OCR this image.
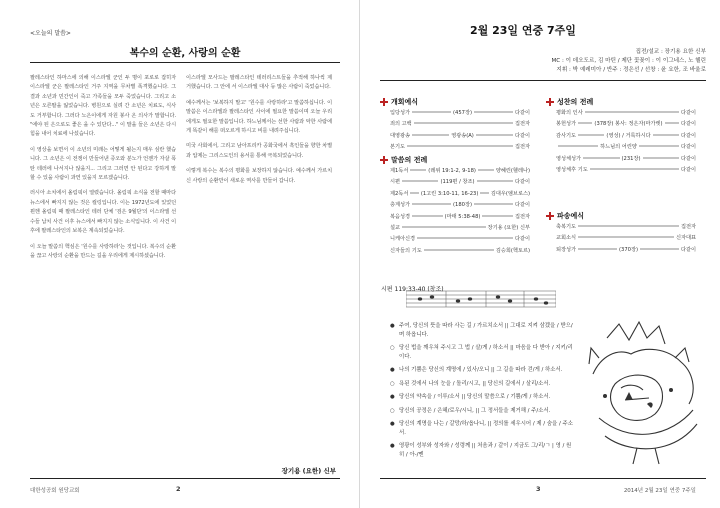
<오늘의 말씀>
복수의 순환, 사랑의 순환

팔레스타인 하마스에 의해 이스라엘 군인 두 명이 포로로 잡히자 이스라엘 군은 팔레스타인 거주 지역을 무차별 폭격했습니다. 그 결과 소년과 민간인이 죽고 가족들을 모두 죽었습니다. 그리고 소년은 오른팔을 잃었습니다. 병원으로 실려 간 소년은 치료도, 식사도 거부합니다. 그러다 노은이에게 자원 봉사 온 의사가 말합니다. "에야 된 은으로도 좋은 을 수 있단다..." 이 말을 들은 소년은 다시 힘을 내어 치료에 나섰습니다.

이 영상을 보면서 이 소년의 미래는 어떻게 될는지 매우 심란 했습니다. 그 소년은 이 전쟁이 만들어낸 증오와 분노가 언젠가 자살 폭탄 테러에 나서지나 않을지... 그리고 그러면 안 된다고 강하게 말할 수 있을 사람이 과연 있을지 모르겠습니다.

러시아 소치에서 올림픽이 열렸습니다. 올림픽 소식을 전할 때마다 뉴스에서 빠지지 않는 것은 컬링입니다. 이는 1972년도에 있었던 뮌헨 올림픽 때 팔레스타인 테러 단체 '검은 9월단'의 이스라엘 선수들 납치 사건 이후 뉴스에서 빠지지 않는 소식입니다. 이 사건 이후에 팔레스타인의 보복은 계속되었습니다.

이 오늘 말씀의 핵심은 '원수를 사랑하라'는 것입니다. 복수의 순환을 끊고 사랑의 순환을 만드는 길을 우리에게 제시하셨습니다.

이스라엘 모사드는 팔레스타인 테러리스트들을 추적해 하나씩 제거했습니다. 그 안에 서 이스라엘 대사 등 많은 사람이 죽었습니다.

예수께서는 '보복하지 말고' '원수를 사랑하라'고 말씀하십니다. 이 말씀은 이스라엘과 팔레스타인 사이에 필요한 말씀이며 오늘 우리에게도 필요한 말씀입니다. 하느님께서는 선한 사람과 악한 사람에게 똑같이 해를 떠오르게 하시고 비를 내려주십니다.

미국 사회에서, 그리고 남아프리카 공화국에서 흑인들을 향한 차별과 압제는 그리스도인의 용서를 통해 극복되었습니다.

이렇게 복수는 복수의 평화를 보장하지 않습니다. 예수께서 가르치신 사랑의 순환만이 새로운 역사를 만들어 갑니다.

장기용 (요한) 신부
대한성공회 원당교회	2
2월 23일 연중 7주일
집전/설교 : 장기용 요한 신부
MC : 이 데오도르, 김 마틴 / 제단 꽃꽂이 : 이 이그네스, 노 헬린
지휘 : 박 예레미아 / 반주 : 정은선 / 선창 : 윤 요한, 조 바울로
개회예식
입당성가	(457장)	다같이
죄의 고백	집전자
대영광송	영광송(A)	다같이
본기도	집전자
말씀의 전례
제1독서	(레위 19:1-2, 9-18)	양혜린(헬레나)
시편	(119편 / 창조)	다같이
제2독서 (1고린 3:10-11, 16-23) 김대우(엠브로스)
층계성가	(180장)	다같이
복음성경	(마태 5:38-48)	집전자
설교	장기용 (요한) 신부
니케아신경	다같이
신자들의 기도	김승희(헥토르)
성찬의 전례
평화의 인사	다같이
봉헌성가	(378장) 봉사: 정은자(마가렛)	다같이
감사기도	(영성) / 거룩하시다	다같이
하느님의 어린양	다같이
영성체성가	(231장)	다같이
영성체후 기도	다같이
파송예식
축복기도	집전자
교회소식	신자대표
퇴장성가	(370장)	다같이
시편 119:33-40 (창조)
● 주여, 당신의 뜻을 따라 사는 길 / 가르치소서 || 그대로 지켜 삼겠을 / 받으/며 하옵니다.
○ 당신 법을 깨우쳐 주시고 그 법 / 살/게 / 하소서 || 마음을 다 받아 / 지키/리이다.
● 나의 기쁨은 당신의 계명에 / 있사/오니 || 그 길을 따라 걷/게 / 하소서.
○ 욕된 것에서 나의 눈을 / 돌리/시고, || 당신의 길에서 / 살리/소서.
● 당신의 약속을 / 이루/소서 || 당신의 말씀으로 / 기쁨/게 / 하소서.
○ 당신의 공정은 / 은혜/로우/시니, || 그 정서들을 제거해 / 주/소서.
● 당신의 계명을 나는 / 갈망/하/옵나니, || 정의를 세우시어 / 제 / 숨을 / 주소서.
● 영광이 성부와 성자와 / 성령께 || 처음과 / 같이 / 지금도 그/리/ㄱ | 영 / 원히 / 아-/멘
3	2014년 2월 23일 연중 7주일
